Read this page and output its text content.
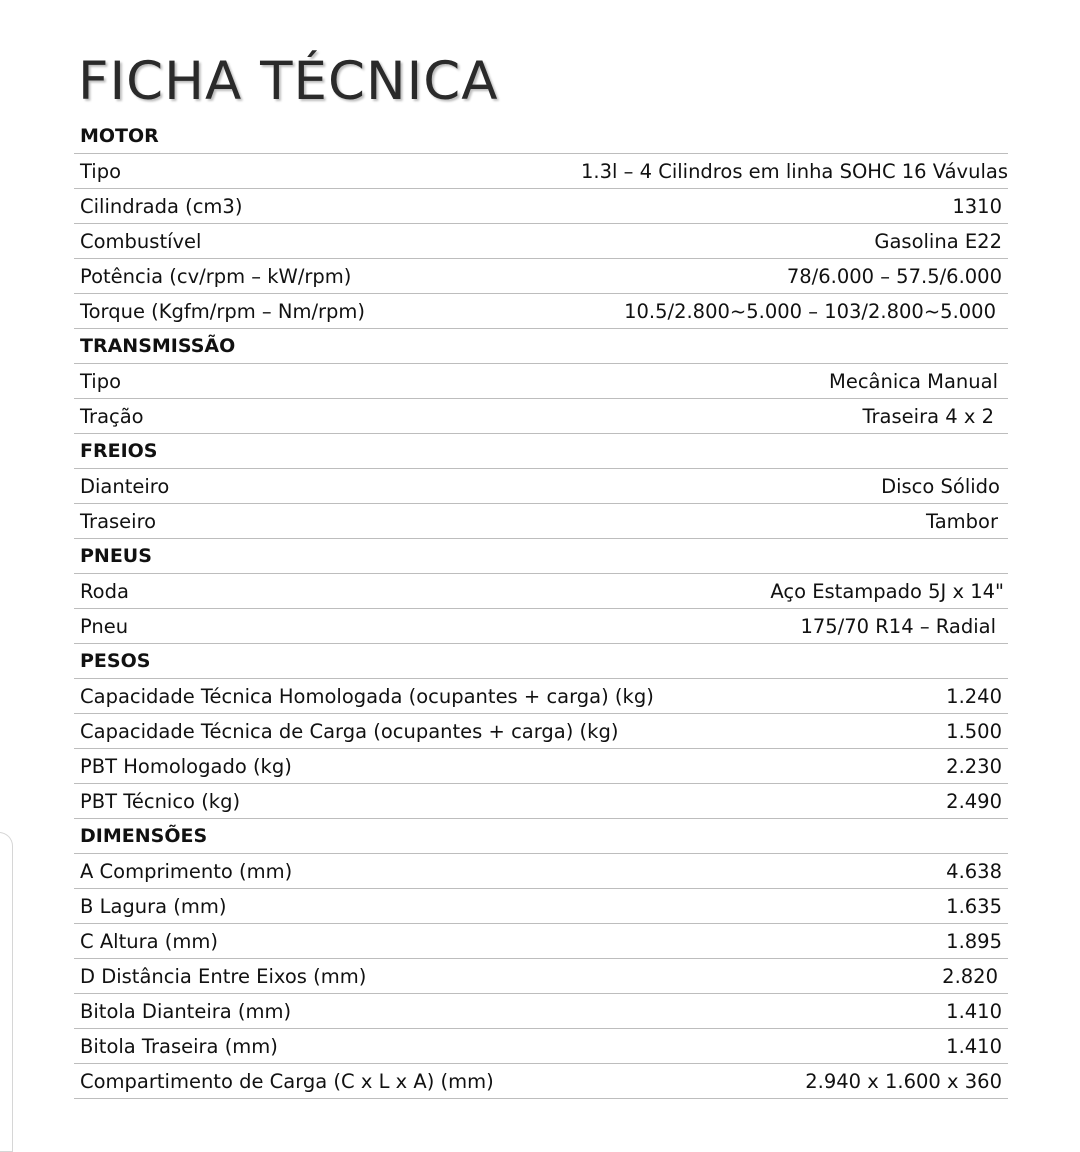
FICHA TÉCNICA
MOTOR
Tipo	1.3l – 4 Cilindros em linha SOHC 16 Vávulas
Cilindrada (cm3)	1310
Combustível	Gasolina E22
Potência (cv/rpm – kW/rpm)	78/6.000 – 57.5/6.000
Torque (Kgfm/rpm – Nm/rpm)	10.5/2.800~5.000 – 103/2.800~5.000
TRANSMISSÃO
Tipo	Mecânica Manual
Tração	Traseira 4 x 2
FREIOS
Dianteiro	Disco Sólido
Traseiro	Tambor
PNEUS
Roda	Aço Estampado 5J x 14"
Pneu	175/70 R14 – Radial
PESOS
Capacidade Técnica Homologada (ocupantes + carga) (kg)	1.240
Capacidade Técnica de Carga (ocupantes + carga) (kg)	1.500
PBT Homologado (kg)	2.230
PBT Técnico (kg)	2.490
DIMENSÕES
A Comprimento (mm)	4.638
B Lagura (mm)	1.635
C Altura (mm)	1.895
D Distância Entre Eixos (mm)	2.820
Bitola Dianteira (mm)	1.410
Bitola Traseira (mm)	1.410
Compartimento de Carga (C x L x A) (mm)	2.940 x 1.600 x 360
